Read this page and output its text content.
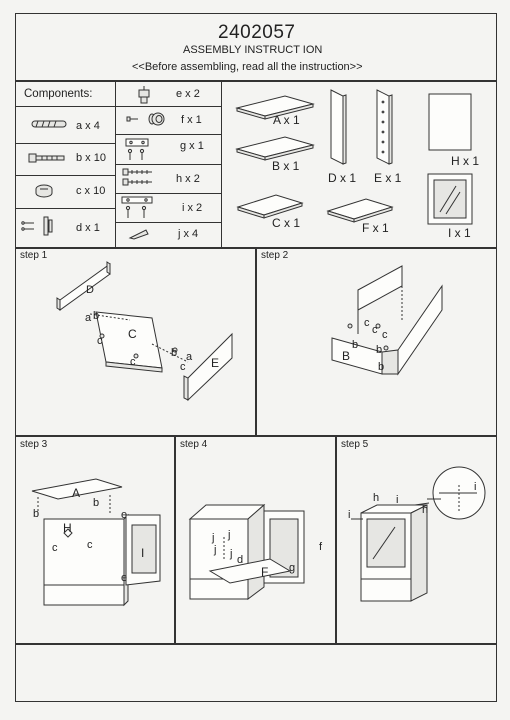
2402057
ASSEMBLY INSTRUCT ION
<<Before assembling, read all the instruction>>
Components:
a x 4
b x 10
c x 10
d x 1
e x 2
f x 1
g x 1
h x 2
i x 2
j x 4
A x 1
B x 1
C x 1
D x 1 E x 1
F x 1
H x 1
I x 1
step 1	step 2
D
a b
c C
b a E
c	c
c
c c
B
b b
b
step 3	step 4	step 5
A
b
b
H
e
c	c
I
e
j j
d
F
f
g
j j
h i
h
i
i
